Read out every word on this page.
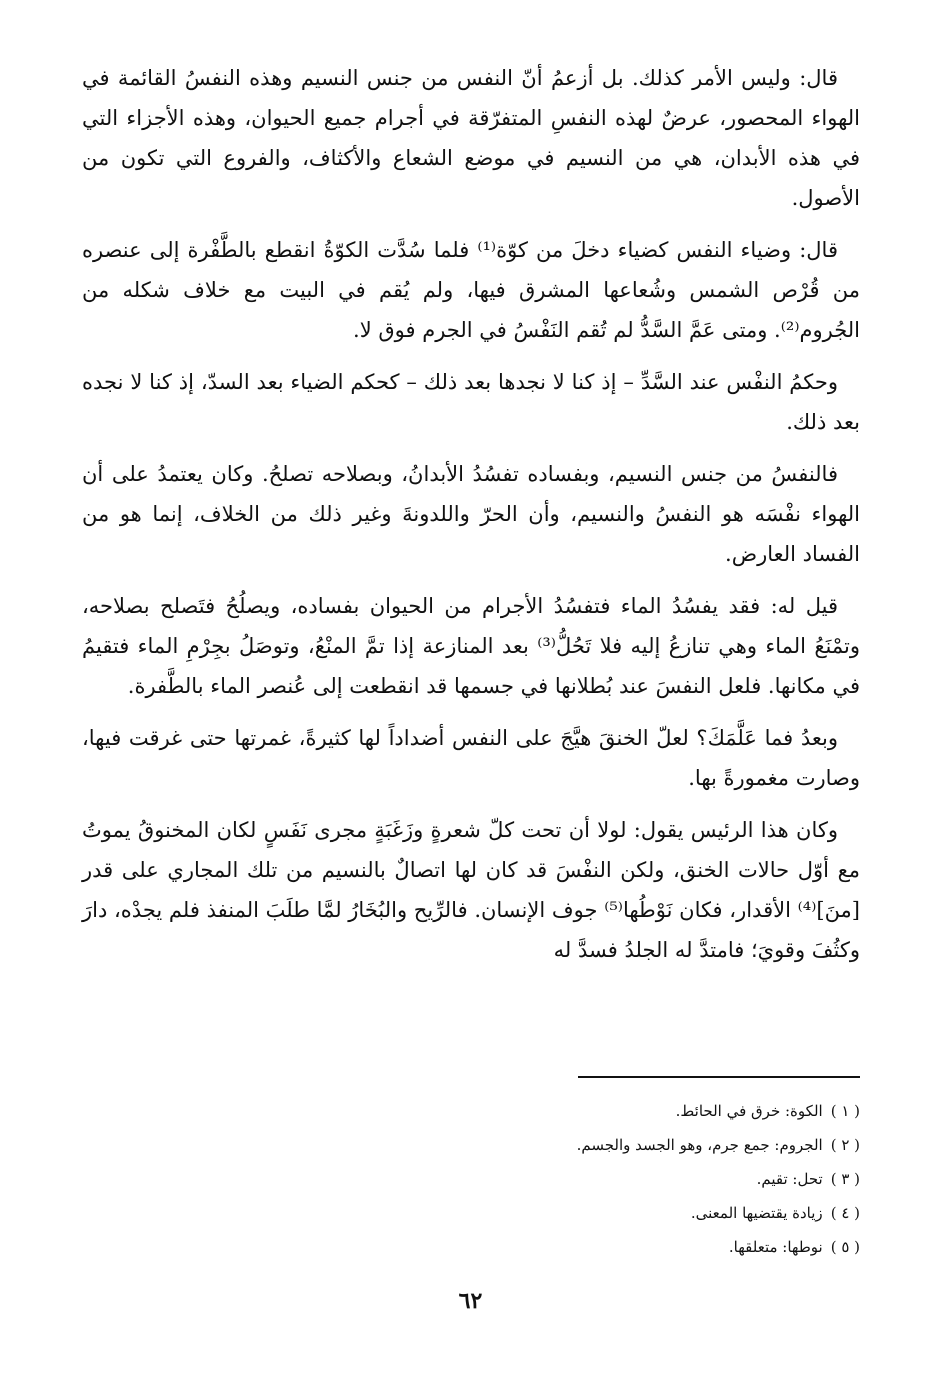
قال: وليس الأمر كذلك. بل أزعمُ أنّ النفس من جنس النسيم وهذه النفسُ القائمة في الهواء المحصور، عرضٌ لهذه النفسِ المتفرّقة في أجرام جميع الحيوان، وهذه الأجزاء التي في هذه الأبدان، هي من النسيم في موضع الشعاع والأكثاف، والفروع التي تكون من الأصول.

قال: وضياء النفس كضياء دخلَ من كوّة⁽¹⁾ فلما سُدَّت الكوّةُ انقطع بالطَّفْرة إلى عنصره من قُرْص الشمس وشُعاعها المشرق فيها، ولم يُقم في البيت مع خلاف شكله من الجُروم⁽²⁾. ومتى عَمَّ السَّدُّ لم تُقم النَفْسُ في الجرم فوق لا.

وحكمُ النفْس عند السَّدِّ – إذ كنا لا نجدها بعد ذلك – كحكم الضياء بعد السدّ، إذ كنا لا نجده بعد ذلك.

فالنفسُ من جنس النسيم، وبفساده تفسُدُ الأبدانُ، وبصلاحه تصلحُ. وكان يعتمدُ على أن الهواء نفْسَه هو النفسُ والنسيم، وأن الحرّ واللدونةَ وغير ذلك من الخلاف، إنما هو من الفساد العارض.

قيل له: فقد يفسُدُ الماء فتفسُدُ الأجرام من الحيوان بفساده، ويصلُحُ فتَصلح بصلاحه، وتمْنَعُ الماء وهي تنازعُ إليه فلا تَحُلُّ⁽³⁾ بعد المنازعة إذا تمَّ المنْعُ، وتوصَلُ بجِرْمِ الماء فتقيمُ في مكانها. فلعل النفسَ عند بُطلانها في جسمها قد انقطعت إلى عُنصر الماء بالطَّفرة.

وبعدُ فما عَلَّمَكَ؟ لعلّ الخنقَ هيَّجَ على النفس أضداداً لها كثيرةً، غمرتها حتى غرقت فيها، وصارت مغمورةً بها.

وكان هذا الرئيس يقول: لولا أن تحت كلّ شعرةٍ وزَغَبَةٍ مجرى نَفَسٍ لكان المخنوقُ يموتُ مع أوّل حالات الخنق، ولكن النفْسَ قد كان لها اتصالٌ بالنسيم من تلك المجاري على قدر [منَ]⁽⁴⁾ الأقدار، فكان نَوْطُها⁽⁵⁾ جوف الإنسان. فالرِّيح والبُخَارُ لمَّا طلَبَ المنفذ فلم يجدْه، دارَ وكثُفَ وقويَ؛ فامتدَّ له الجلدُ فسدَّ له

( ١ )الكوة: خرق في الحائط.

( ٢ )الجروم: جمع جرم، وهو الجسد والجسم.

( ٣ )تحل: تقيم.

( ٤ )زيادة يقتضيها المعنى.

( ٥ )نوطها: متعلقها.

٦٢
